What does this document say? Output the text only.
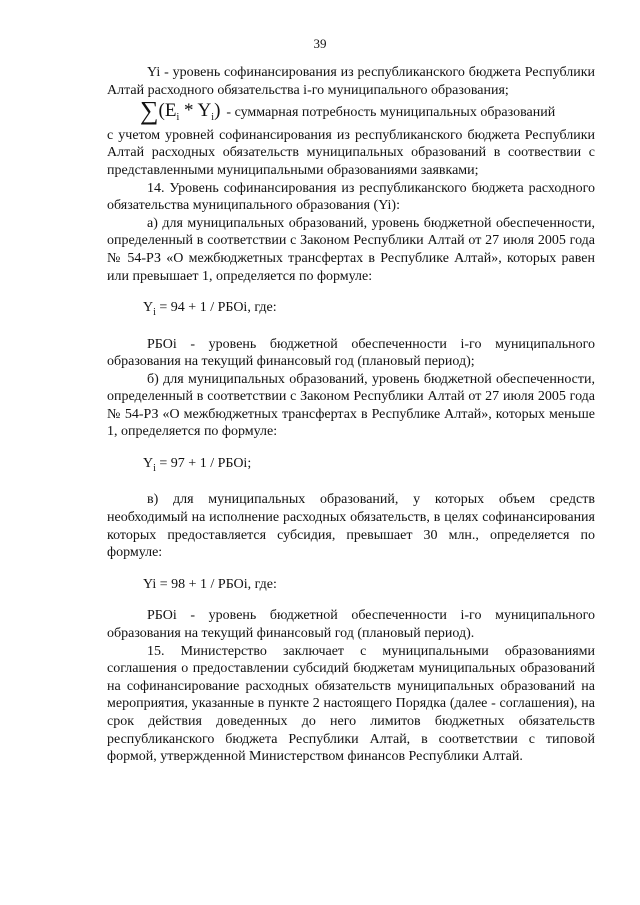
39

Yi - уровень софинансирования из республиканского бюджета Республики Алтай расходного обязательства i-го муниципального образования;

$\sum(E_i * Y_i)$ - суммарная потребность муниципальных образований

с учетом уровней софинансирования из республиканского бюджета Республики Алтай расходных обязательств муниципальных образований в соотвествии с представленными муниципальными образованиями заявками;

14. Уровень софинансирования из республиканского бюджета расходного обязательства муниципального образования (Yi):

а) для муниципальных образований, уровень бюджетной обеспеченности, определенный в соответствии с Законом Республики Алтай от 27 июля 2005 года № 54-РЗ «О межбюджетных трансфертах в Республике Алтай», которых равен или превышает 1, определяется по формуле:

$Y_i = 94 + 1$ / РБОi, где:

РБОi - уровень бюджетной обеспеченности i-го муниципального образования на текущий финансовый год (плановый период);

б) для муниципальных образований, уровень бюджетной обеспеченности, определенный в соответствии с Законом Республики Алтай от 27 июля 2005 года № 54-РЗ «О межбюджетных трансфертах в Республике Алтай», которых меньше 1, определяется по формуле:

$Y_i = 97 + 1$ / РБОi;

в) для муниципальных образований, у которых объем средств необходимый на исполнение расходных обязательств, в целях софинансирования которых предоставляется субсидия, превышает 30 млн., определяется по формуле:

Yi = 98 + 1 / РБОi, где:

РБОi - уровень бюджетной обеспеченности i-го муниципального образования на текущий финансовый год (плановый период).

15. Министерство заключает с муниципальными образованиями соглашения о предоставлении субсидий бюджетам муниципальных образований на софинансирование расходных обязательств муниципальных образований на мероприятия, указанные в пункте 2 настоящего Порядка (далее - соглашения), на срок действия доведенных до него лимитов бюджетных обязательств республиканского бюджета Республики Алтай, в соответствии с типовой формой, утвержденной Министерством финансов Республики Алтай.
